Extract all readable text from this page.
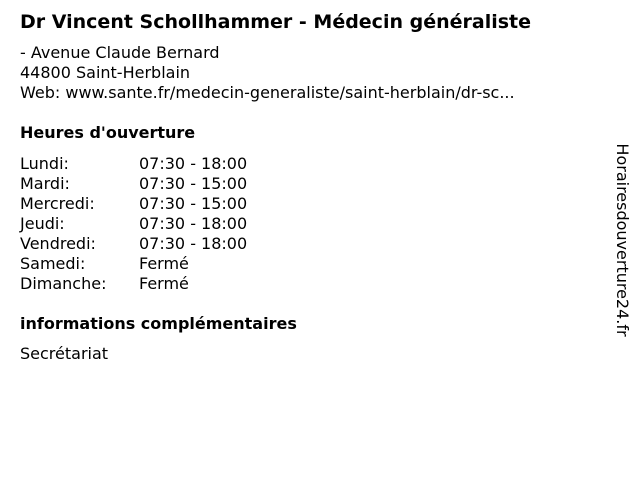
Dr Vincent Schollhammer - Médecin généraliste
- Avenue Claude Bernard
44800 Saint-Herblain
Web: www.sante.fr/medecin-generaliste/saint-herblain/dr-sc...
Heures d'ouverture
Lundi:	07:30 - 18:00
Mardi:	07:30 - 15:00
Mercredi:	07:30 - 15:00
Jeudi:	07:30 - 18:00
Vendredi:	07:30 - 18:00
Samedi:	Fermé
Dimanche:	Fermé
informations complémentaires
Secrétariat
Horairesdouverture24.fr
